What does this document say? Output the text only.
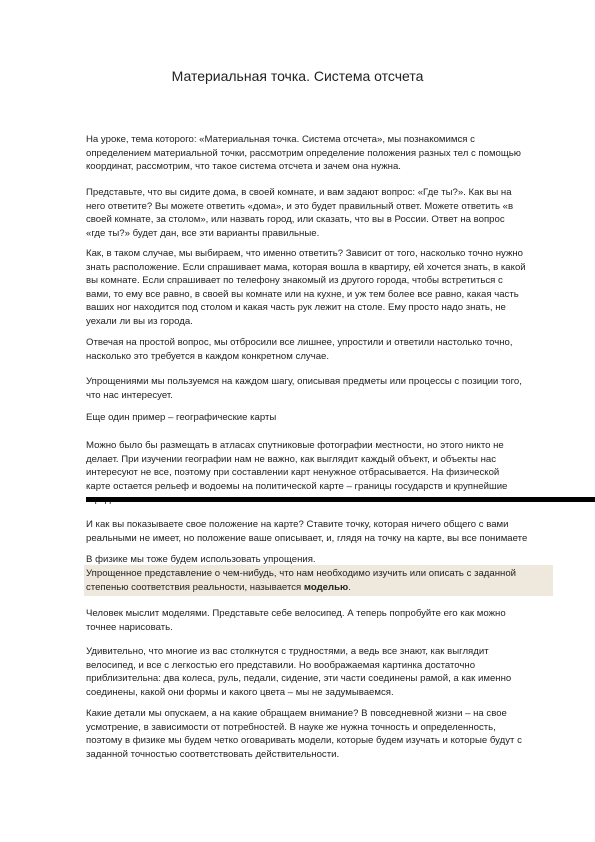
Материальная точка. Система отсчета
На уроке, тема которого: «Материальная точка. Система отсчета», мы познакомимся с
определением материальной точки, рассмотрим определение положения разных тел с помощью
координат, рассмотрим, что такое система отсчета и зачем она нужна.
Представьте, что вы сидите дома, в своей комнате, и вам задают вопрос: «Где ты?». Как вы на
него ответите? Вы можете ответить «дома», и это будет правильный ответ. Можете ответить «в
своей комнате, за столом», или назвать город, или сказать, что вы в России. Ответ на вопрос
«где ты?» будет дан, все эти варианты правильные.
Как, в таком случае, мы выбираем, что именно ответить? Зависит от того, насколько точно нужно
знать расположение. Если спрашивает мама, которая вошла в квартиру, ей хочется знать, в какой
вы комнате. Если спрашивает по телефону знакомый из другого города, чтобы встретиться с
вами, то ему все равно, в своей вы комнате или на кухне, и уж тем более все равно, какая часть
ваших ног находится под столом и какая часть рук лежит на столе. Ему просто надо знать, не
уехали ли вы из города.
Отвечая на простой вопрос, мы отбросили все лишнее, упростили и ответили настолько точно,
насколько это требуется в каждом конкретном случае.
Упрощениями мы пользуемся на каждом шагу, описывая предметы или процессы с позиции того,
что нас интересует.
Еще один пример – географические карты
Можно было бы размещать в атласах спутниковые фотографии местности, но этого никто не
делает. При изучении географии нам не важно, как выглядит каждый объект, и объекты нас
интересуют не все, поэтому при составлении карт ненужное отбрасывается. На физической
карте остается рельеф и водоемы на политической карте – границы государств и крупнейшие
И как вы показываете свое положение на карте? Ставите точку, которая ничего общего с вами
реальными не имеет, но положение ваше описывает, и, глядя на точку на карте, вы все понимаете
В физике мы тоже будем использовать упрощения.
Упрощенное представление о чем-нибудь, что нам необходимо изучить или описать с заданной
степенью соответствия реальности, называется моделью.
Человек мыслит моделями. Представьте себе велосипед. А теперь попробуйте его как можно
точнее нарисовать.
Удивительно, что многие из вас столкнутся с трудностями, а ведь все знают, как выглядит
велосипед, и все с легкостью его представили. Но воображаемая картинка достаточно
приблизительна: два колеса, руль, педали, сидение, эти части соединены рамой, а как именно
соединены, какой они формы и какого цвета – мы не задумываемся.
Какие детали мы опускаем, а на какие обращаем внимание? В повседневной жизни – на свое
усмотрение, в зависимости от потребностей. В науке же нужна точность и определенность,
поэтому в физике мы будем четко оговаривать модели, которые будем изучать и которые будут с
заданной точностью соответствовать действительности.
